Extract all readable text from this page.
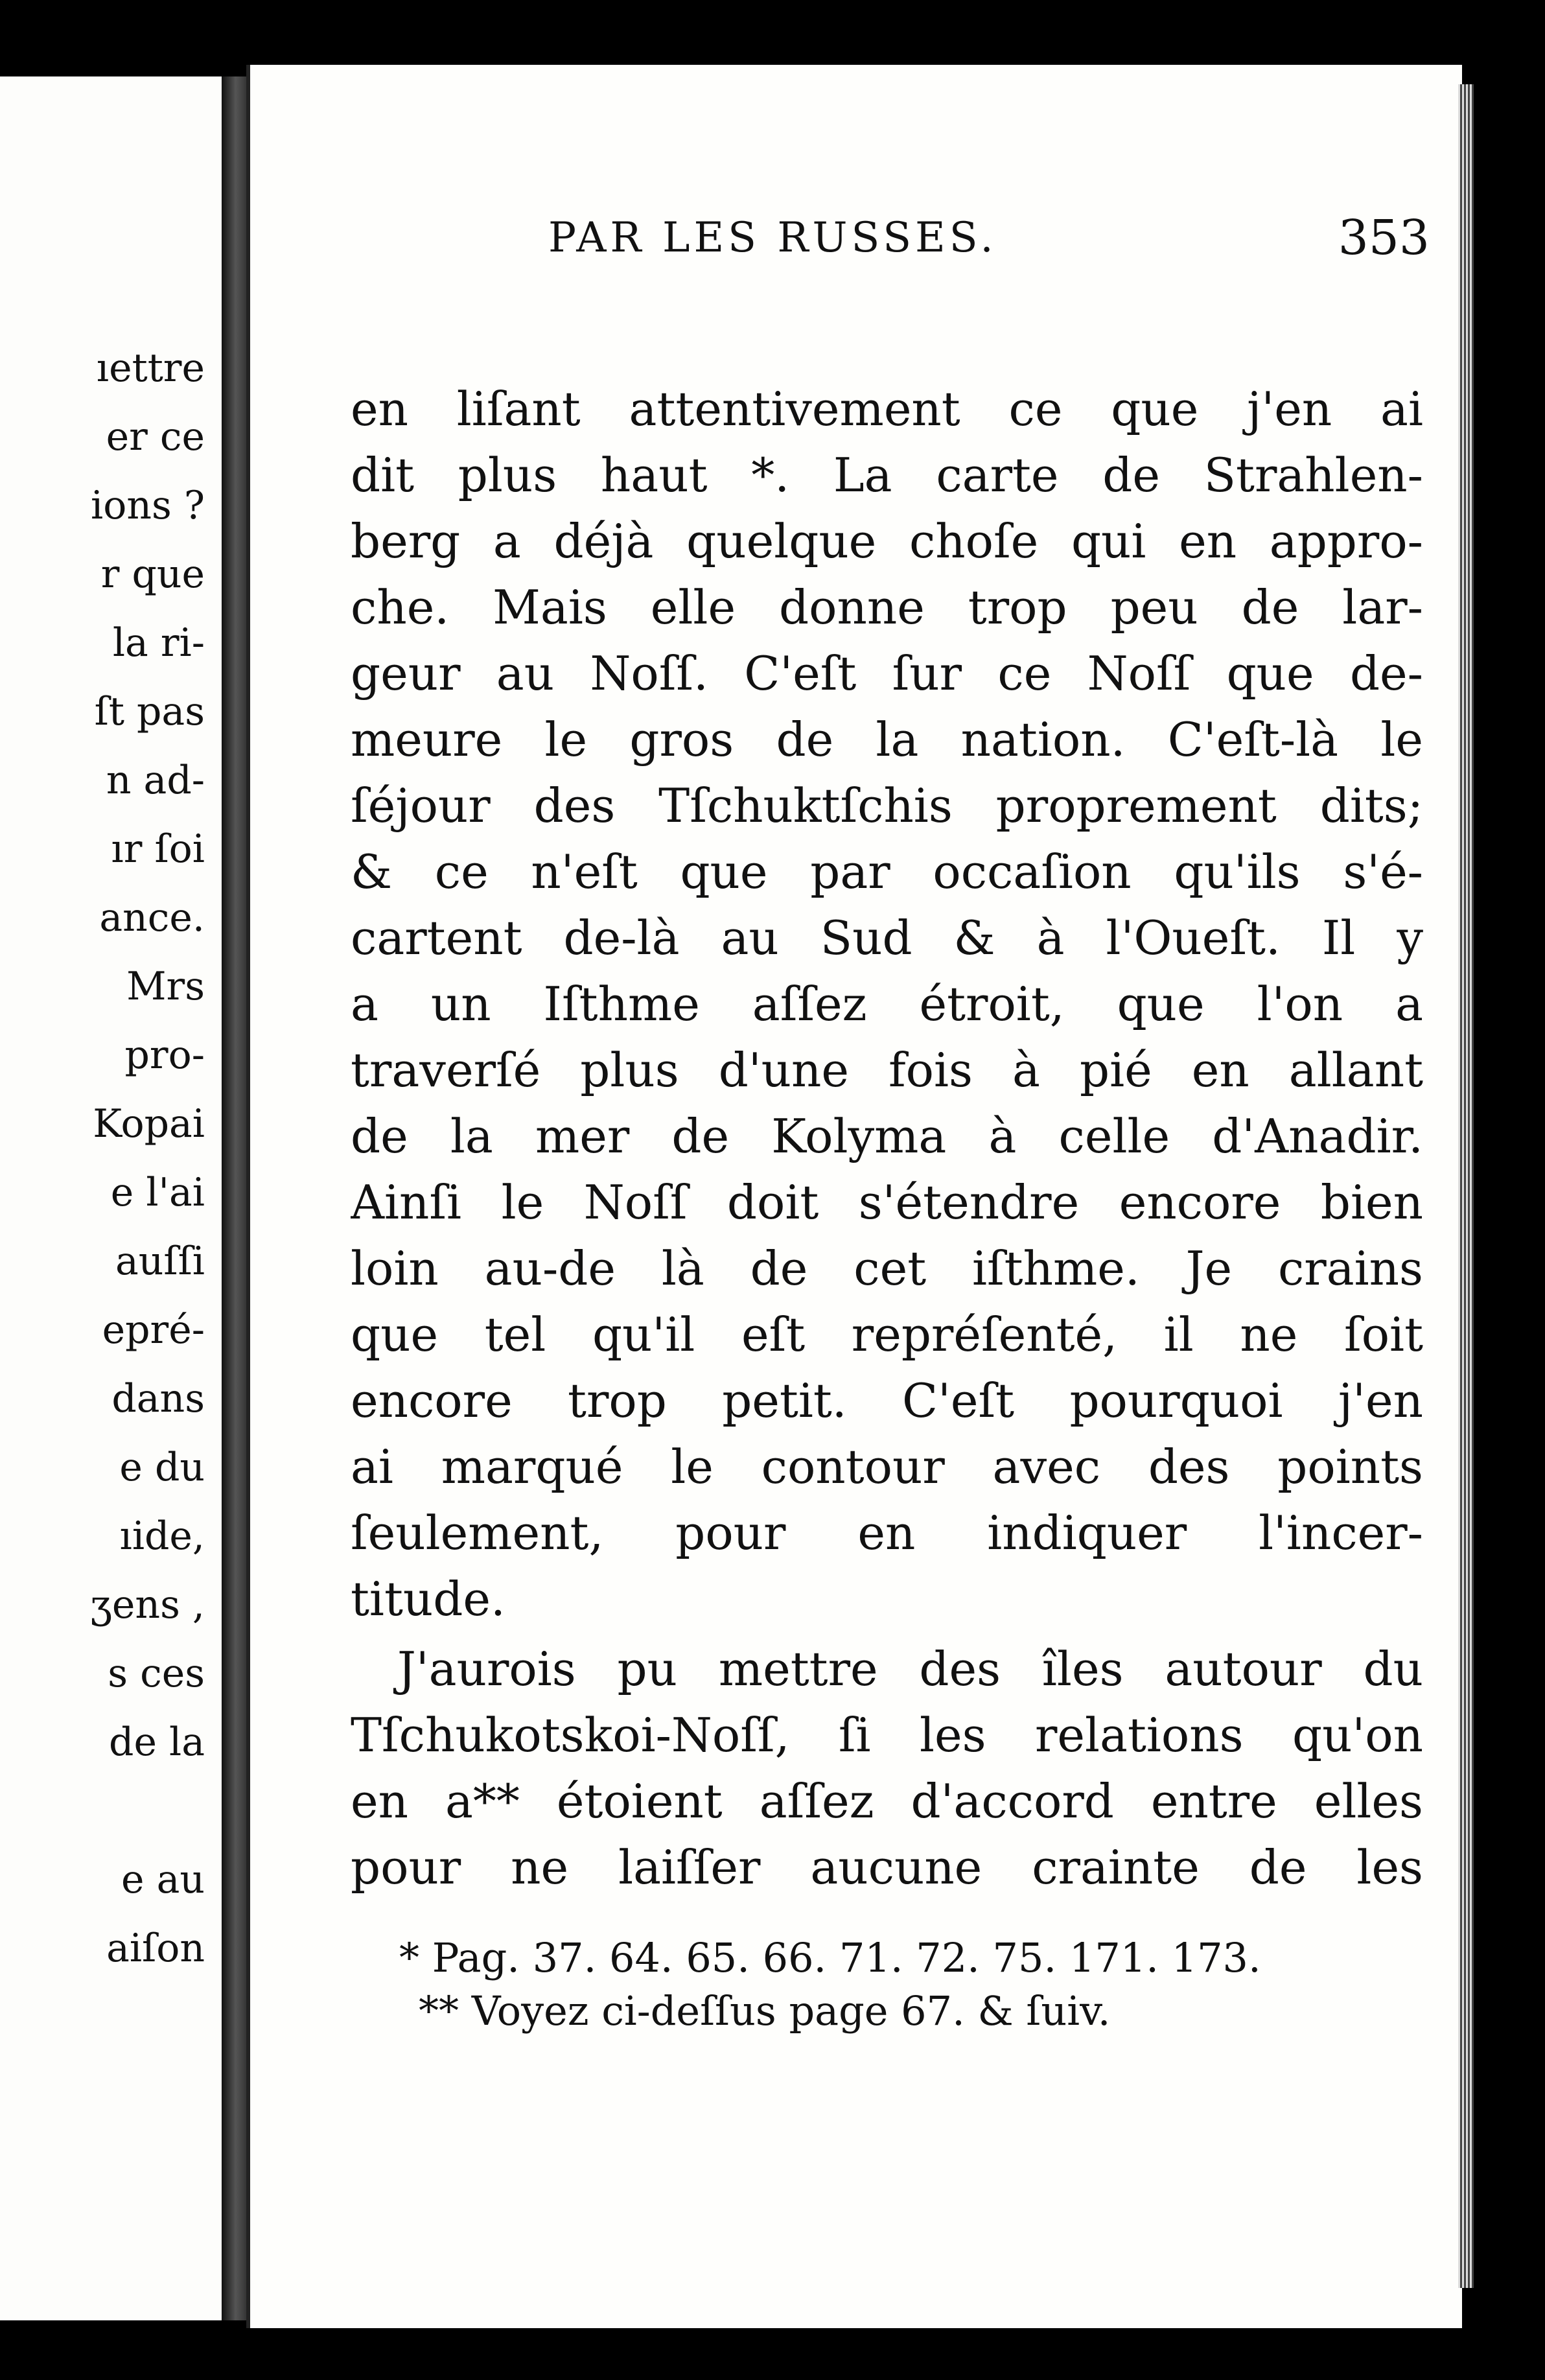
ıettre
er ce
ions ?
r que
la ri-
ſt pas
n ad-
ır ſoi
ance.
Mrs
pro-
Kopai
e l'ai
auſſi
epré-
dans
e du
ıide,
ʒens ,
s ces
de la
e au
aiſon
PAR LES RUSSES.	353
en liſant attentivement ce que j'en ai
dit plus haut *. La carte de Strahlen-
berg a déjà quelque choſe qui en appro-
che. Mais elle donne trop peu de lar-
geur au Noſſ. C'eſt ſur ce Noſſ que de-
meure le gros de la nation. C'eſt-là le
ſéjour des Tſchuktſchis proprement dits;
& ce n'eſt que par occaſion qu'ils s'é-
cartent de-là au Sud & à l'Oueſt. Il y
a un Iſthme aſſez étroit, que l'on a
traverſé plus d'une fois à pié en allant
de la mer de Kolyma à celle d'Anadir.
Ainſi le Noſſ doit s'étendre encore bien
loin au-de là de cet iſthme. Je crains
que tel qu'il eſt repréſenté, il ne ſoit
encore trop petit. C'eſt pourquoi j'en
ai marqué le contour avec des points
ſeulement, pour en indiquer l'incer-
titude.
J'aurois pu mettre des îles autour du
Tſchukotskoi-Noſſ, ſi les relations qu'on
en a** étoient aſſez d'accord entre elles
pour ne laiſſer aucune crainte de les
* Pag. 37. 64. 65. 66. 71. 72. 75. 171. 173.
** Voyez ci-deſſus page 67. & ſuiv.
